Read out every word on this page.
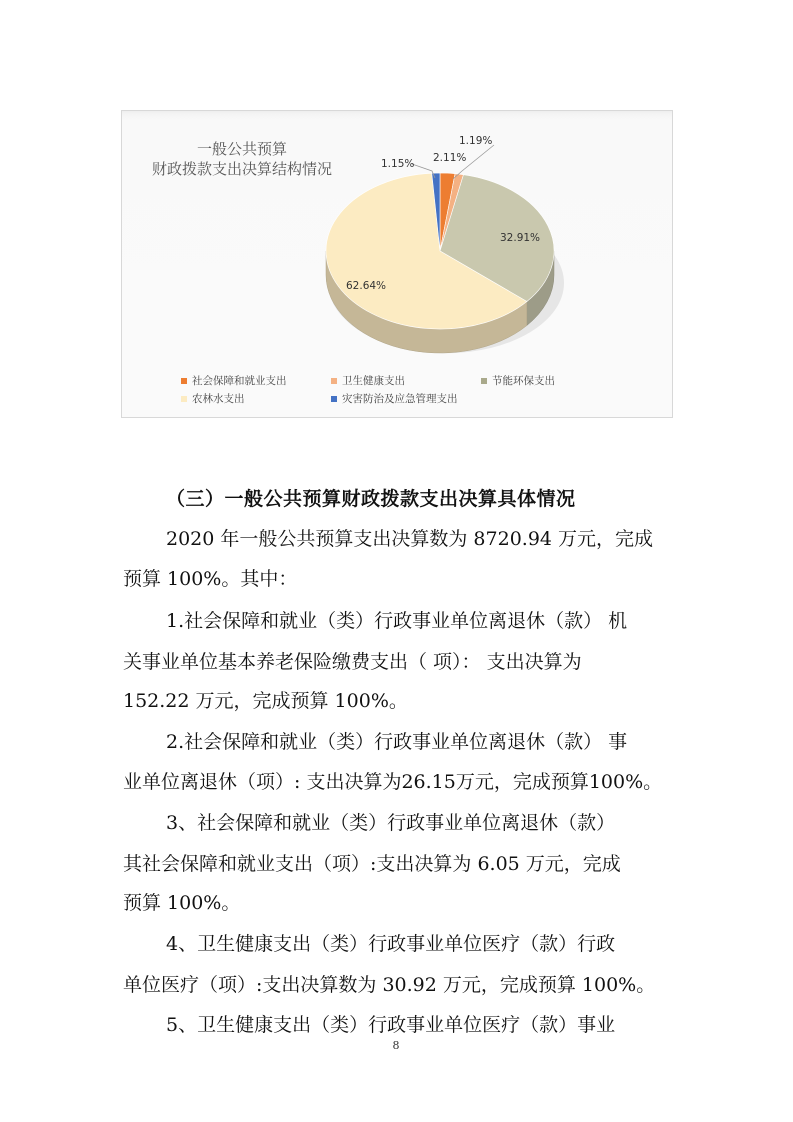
一般公共预算
财政拨款支出决算结构情况
1.19%
2.11%
1.15%
32.91%
62.64%
社会保障和就业支出	卫生健康支出	节能环保支出
农林水支出	灾害防治及应急管理支出
（三）一般公共预算财政拨款支出决算具体情况
2020 年一般公共预算支出决算数为 8720.94 万元，完成
预算 100%。其中：
1.社会保障和就业（类）行政事业单位离退休（款） 机
关事业单位基本养老保险缴费支出（ 项）： 支出决算为
152.22 万元，完成预算 100%。
2.社会保障和就业（类）行政事业单位离退休（款） 事
业单位离退休（项）: 支出决算为26.15万元，完成预算100%。
3、社会保障和就业（类）行政事业单位离退休（款）
其社会保障和就业支出（项）:支出决算为 6.05 万元，完成
预算 100%。
4、卫生健康支出（类）行政事业单位医疗（款）行政
单位医疗（项）:支出决算数为 30.92 万元，完成预算 100%。
5、卫生健康支出（类）行政事业单位医疗（款）事业
8
